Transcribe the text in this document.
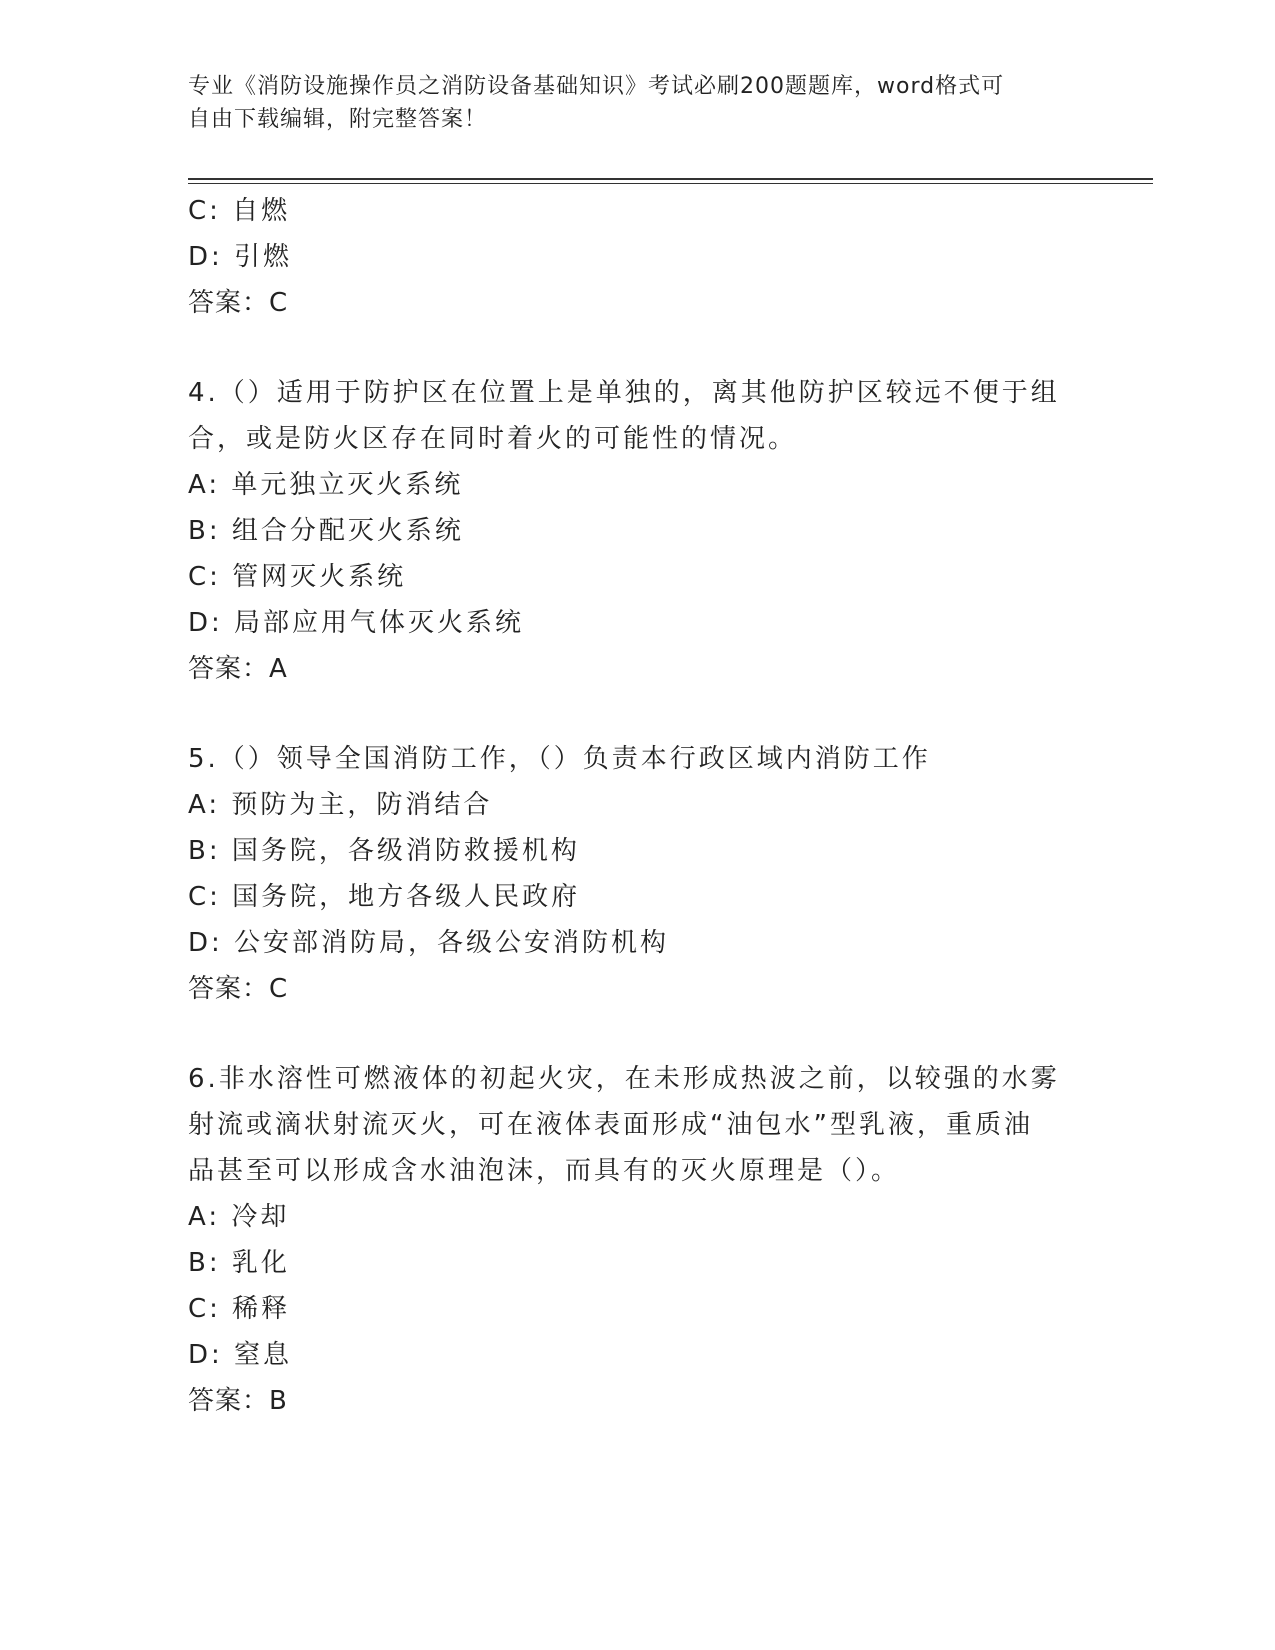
专业《消防设施操作员之消防设备基础知识》考试必刷200题题库，word格式可
自由下载编辑，附完整答案！
C: 自燃
D: 引燃
答案：C
4.（）适用于防护区在位置上是单独的，离其他防护区较远不便于组
合，或是防火区存在同时着火的可能性的情况。
A: 单元独立灭火系统
B: 组合分配灭火系统
C: 管网灭火系统
D: 局部应用气体灭火系统
答案：A
5.（）领导全国消防工作，（）负责本行政区域内消防工作
A: 预防为主，防消结合
B: 国务院，各级消防救援机构
C: 国务院，地方各级人民政府
D: 公安部消防局，各级公安消防机构
答案：C
6.非水溶性可燃液体的初起火灾，在未形成热波之前，以较强的水雾
射流或滴状射流灭火，可在液体表面形成“油包水”型乳液，重质油
品甚至可以形成含水油泡沫，而具有的灭火原理是（）。
A: 冷却
B: 乳化
C: 稀释
D: 窒息
答案：B
